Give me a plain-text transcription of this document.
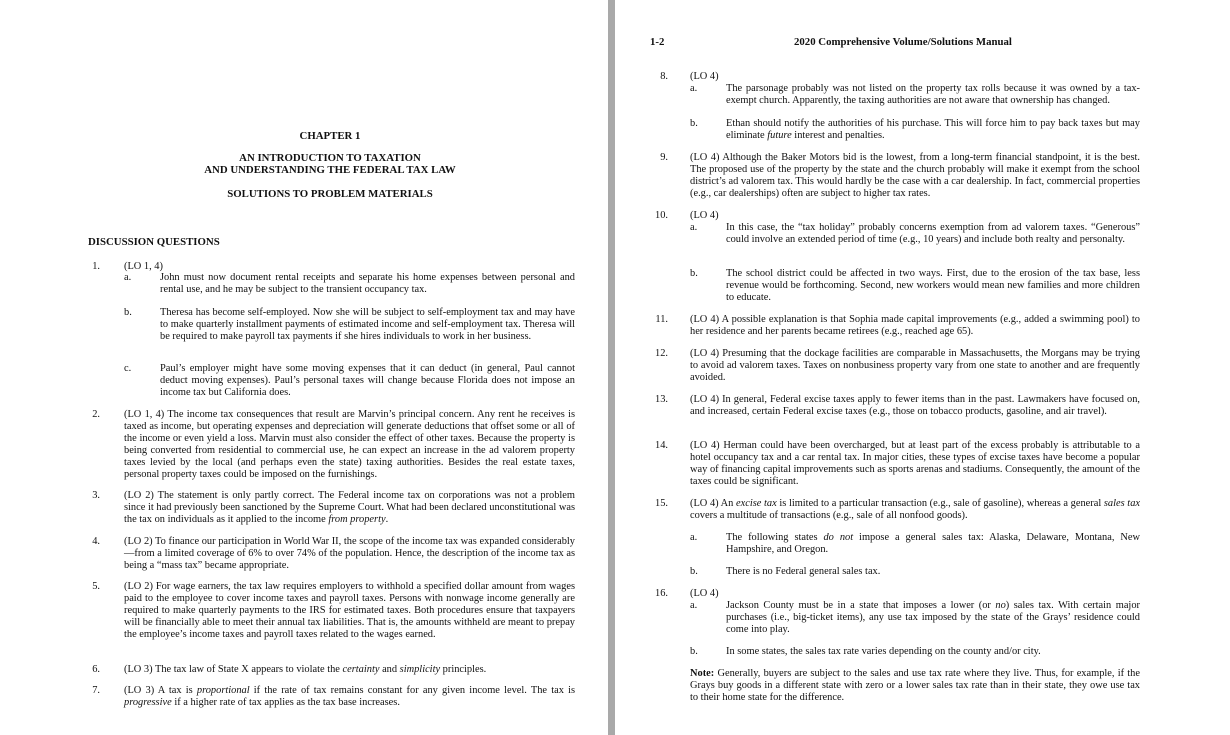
CHAPTER 1
AN INTRODUCTION TO TAXATION
AND UNDERSTANDING THE FEDERAL TAX LAW
SOLUTIONS TO PROBLEM MATERIALS
DISCUSSION QUESTIONS
1. (LO 1, 4)
a.	John must now document rental receipts and separate his home expenses between personal and rental use, and he may be subject to the transient occupancy tax.
b.	Theresa has become self-employed. Now she will be subject to self-employment tax and may have to make quarterly installment payments of estimated income and self-employment tax. Theresa will be required to make payroll tax payments if she hires individuals to work in her business.
c.	Paul’s employer might have some moving expenses that it can deduct (in general, Paul cannot deduct moving expenses). Paul’s personal taxes will change because Florida does not impose an income tax but California does.
2. (LO 1, 4) The income tax consequences that result are Marvin’s principal concern. Any rent he receives is taxed as income, but operating expenses and depreciation will generate deductions that offset some or all of the income or even yield a loss. Marvin must also consider the effect of other taxes. Because the property is being converted from residential to commercial use, he can expect an increase in the ad valorem property taxes levied by the local (and perhaps even the state) taxing authorities. Besides the real estate taxes, personal property taxes could be imposed on the furnishings.
3. (LO 2) The statement is only partly correct. The Federal income tax on corporations was not a problem since it had previously been sanctioned by the Supreme Court. What had been declared unconstitutional was the tax on individuals as it applied to the income from property.
4. (LO 2) To finance our participation in World War II, the scope of the income tax was expanded considerably—from a limited coverage of 6% to over 74% of the population. Hence, the description of the income tax as being a “mass tax” became appropriate.
5. (LO 2) For wage earners, the tax law requires employers to withhold a specified dollar amount from wages paid to the employee to cover income taxes and payroll taxes. Persons with nonwage income generally are required to make quarterly payments to the IRS for estimated taxes. Both procedures ensure that taxpayers will be financially able to meet their annual tax liabilities. That is, the amounts withheld are meant to prepay the employee’s income taxes and payroll taxes related to the wages earned.
6. (LO 3) The tax law of State X appears to violate the certainty and simplicity principles.
7. (LO 3) A tax is proportional if the rate of tax remains constant for any given income level. The tax is progressive if a higher rate of tax applies as the tax base increases.
1-2	2020 Comprehensive Volume/Solutions Manual
8. (LO 4)
a.	The parsonage probably was not listed on the property tax rolls because it was owned by a tax-exempt church. Apparently, the taxing authorities are not aware that ownership has changed.
b.	Ethan should notify the authorities of his purchase. This will force him to pay back taxes but may eliminate future interest and penalties.
9. (LO 4) Although the Baker Motors bid is the lowest, from a long-term financial standpoint, it is the best. The proposed use of the property by the state and the church probably will make it exempt from the school district’s ad valorem tax. This would hardly be the case with a car dealership. In fact, commercial properties (e.g., car dealerships) often are subject to higher tax rates.
10. (LO 4)
a.	In this case, the “tax holiday” probably concerns exemption from ad valorem taxes. “Generous” could involve an extended period of time (e.g., 10 years) and include both realty and personalty.
b.	The school district could be affected in two ways. First, due to the erosion of the tax base, less revenue would be forthcoming. Second, new workers would mean new families and more children to educate.
11. (LO 4) A possible explanation is that Sophia made capital improvements (e.g., added a swimming pool) to her residence and her parents became retirees (e.g., reached age 65).
12. (LO 4) Presuming that the dockage facilities are comparable in Massachusetts, the Morgans may be trying to avoid ad valorem taxes. Taxes on nonbusiness property vary from one state to another and are frequently avoided.
13. (LO 4) In general, Federal excise taxes apply to fewer items than in the past. Lawmakers have focused on, and increased, certain Federal excise taxes (e.g., those on tobacco products, gasoline, and air travel).
14. (LO 4) Herman could have been overcharged, but at least part of the excess probably is attributable to a hotel occupancy tax and a car rental tax. In major cities, these types of excise taxes have become a popular way of financing capital improvements such as sports arenas and stadiums. Consequently, the amount of the taxes could be significant.
15. (LO 4) An excise tax is limited to a particular transaction (e.g., sale of gasoline), whereas a general sales tax covers a multitude of transactions (e.g., sale of all nonfood goods).
a.	The following states do not impose a general sales tax: Alaska, Delaware, Montana, New Hampshire, and Oregon.
b.	There is no Federal general sales tax.
16. (LO 4)
a.	Jackson County must be in a state that imposes a lower (or no) sales tax. With certain major purchases (i.e., big-ticket items), any use tax imposed by the state of the Grays’ residence could come into play.
b.	In some states, the sales tax rate varies depending on the county and/or city.
Note: Generally, buyers are subject to the sales and use tax rate where they live. Thus, for example, if the Grays buy goods in a different state with zero or a lower sales tax rate than in their state, they owe use tax to their home state for the difference.
